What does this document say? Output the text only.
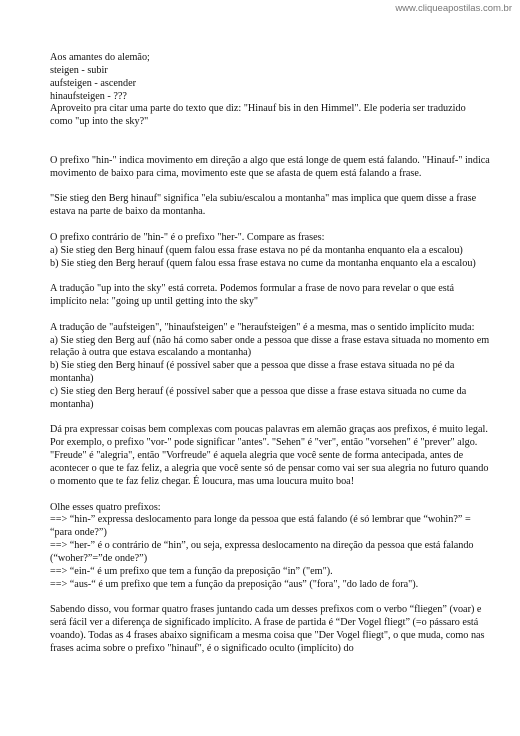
www.cliqueapostilas.com.br

Aos amantes do alemão;
steigen - subir
aufsteigen - ascender
hinaufsteigen - ???
Aproveito pra citar uma parte do texto que diz: "Hinauf bis in den Himmel". Ele poderia ser traduzido como "up into the sky?"

O prefixo "hin-" indica movimento em direção a algo que está longe de quem está falando. "Hinauf-" indica movimento de baixo para cima, movimento este que se afasta de quem está falando a frase.

"Sie stieg den Berg hinauf" significa "ela subiu/escalou a montanha" mas implica que quem disse a frase estava na parte de baixo da montanha.

O prefixo contrário de "hin-" é o prefixo "her-". Compare as frases:
a) Sie stieg den Berg hinauf (quem falou essa frase estava no pé da montanha enquanto ela a escalou)
b) Sie stieg den Berg herauf (quem falou essa frase estava no cume da montanha enquanto ela a escalou)

A tradução "up into the sky" está correta. Podemos formular a frase de novo para revelar o que está implícito nela: "going up until getting into the sky"

A tradução de "aufsteigen", "hinaufsteigen" e "heraufsteigen" é a mesma, mas o sentido implícito muda:
a) Sie stieg den Berg auf (não há como saber onde a pessoa que disse a frase estava situada no momento em relação à outra que estava escalando a montanha)
b) Sie stieg den Berg hinauf (é possível saber que a pessoa que disse a frase estava situada no pé da montanha)
c) Sie stieg den Berg herauf (é possível saber que a pessoa que disse a frase estava situada no cume da montanha)

Dá pra expressar coisas bem complexas com poucas palavras em alemão graças aos prefixos, é muito legal. Por exemplo, o prefixo "vor-" pode significar "antes". "Sehen" é "ver", então "vorsehen" é "prever" algo. "Freude" é "alegria", então "Vorfreude" é aquela alegria que você sente de forma antecipada, antes de acontecer o que te faz feliz, a alegria que você sente só de pensar como vai ser sua alegria no futuro quando o momento que te faz feliz chegar. É loucura, mas uma loucura muito boa!

Olhe esses quatro prefixos:
==> “hin-” expressa deslocamento para longe da pessoa que está falando (é só lembrar que “wohin?” = “para onde?”)
==> “her-” é o contrário de “hin”, ou seja, expressa deslocamento na direção da pessoa que está falando (“woher?”=”de onde?”)
==> “ein-“ é um prefixo que tem a função da preposição “in” ("em").
==> “aus-“ é um prefixo que tem a função da preposição “aus” ("fora", "do lado de fora").

Sabendo disso, vou formar quatro frases juntando cada um desses prefixos com o verbo “fliegen” (voar) e será fácil ver a diferença de significado implícito. A frase de partida é “Der Vogel fliegt” (=o pássaro está voando). Todas as 4 frases abaixo significam a mesma coisa que "Der Vogel fliegt", o que muda, como nas frases acima sobre o prefixo "hinauf", é o significado oculto (implícito) do
